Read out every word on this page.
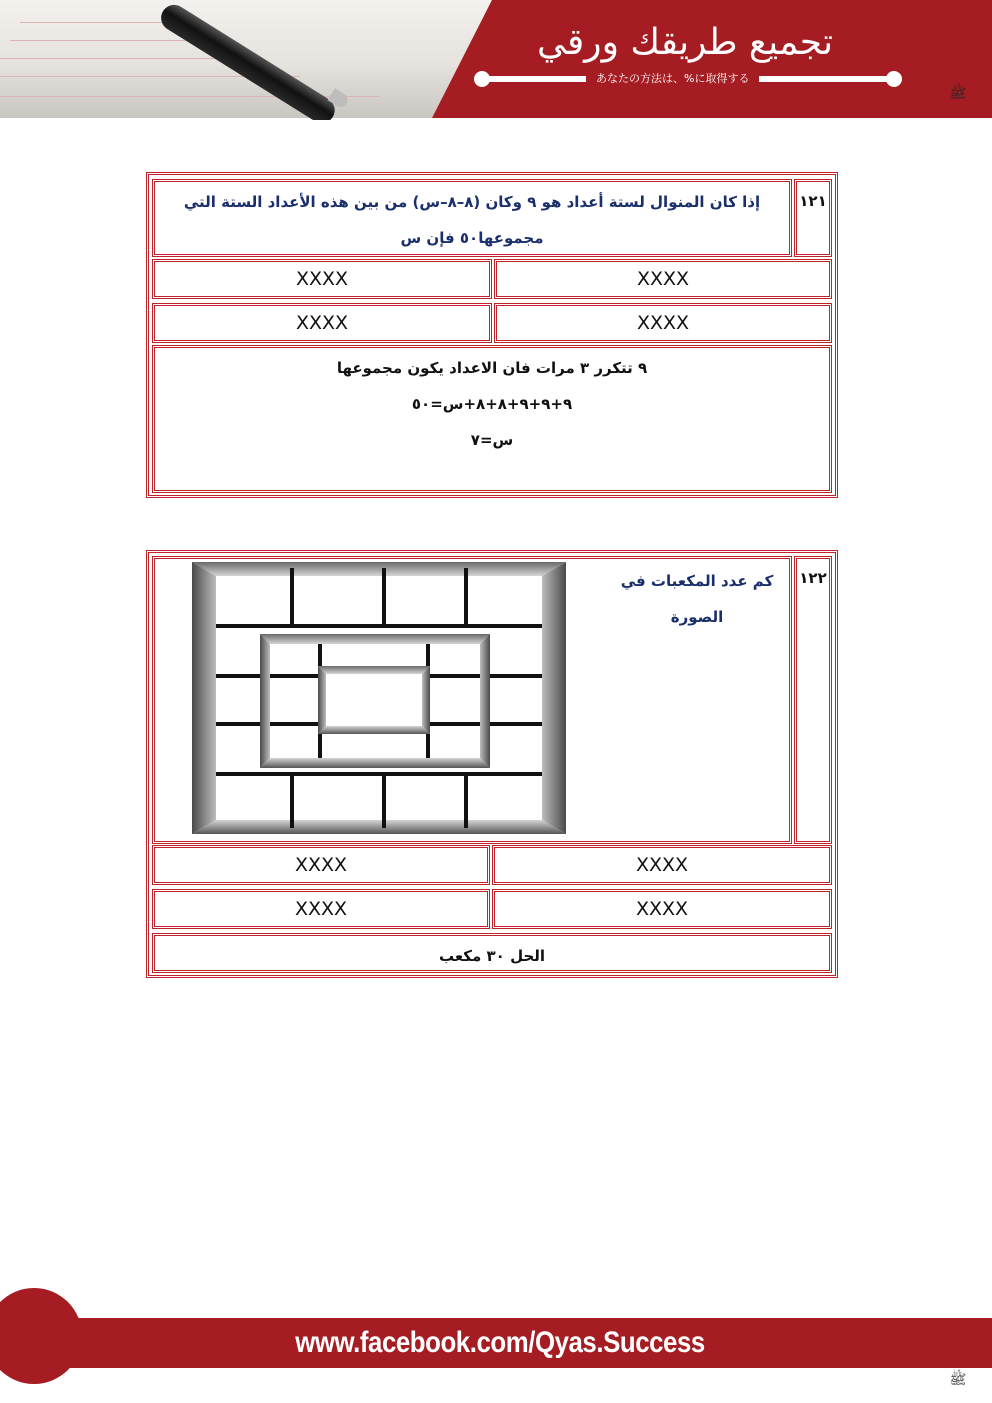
تجميع طريقك ورقي
あなたの方法は、%に取得する
ﷺ
١٢١
إذا كان المنوال لستة أعداد هو ٩ وكان (٨–٨–س) من بين هذه الأعداد الستة التي
مجموعها٥٠ فإن س
XXXX
XXXX
XXXX
XXXX
٩ تتكرر ٣ مرات فان الاعداد يكون مجموعها
٩+٩+٩+٨+٨+س=٥٠
س=٧
١٢٢
كم عدد المكعبات في
الصورة
XXXX
XXXX
XXXX
XXXX
الحل ٣٠ مكعب
www.facebook.com/Qyas.Success
ﷺ
